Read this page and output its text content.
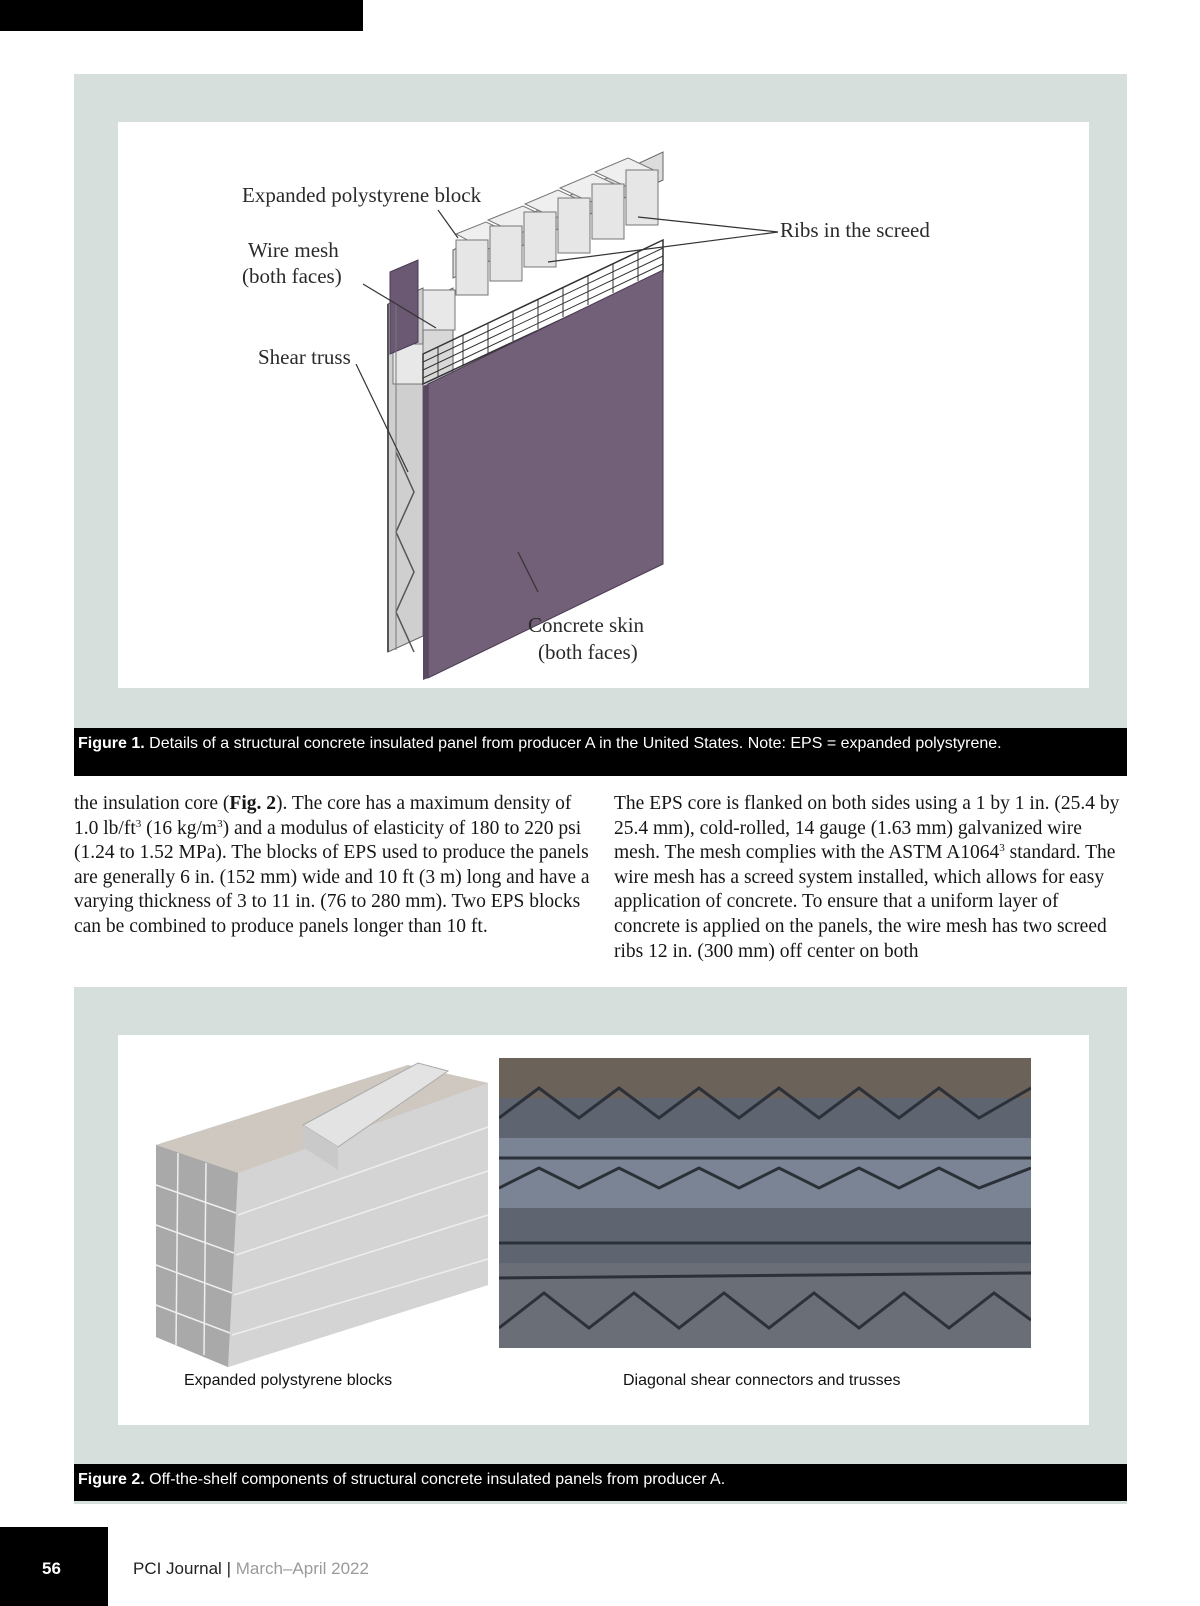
Expanded polystyrene block
Wire mesh
(both faces)
Shear truss
Ribs in the screed
Concrete skin
(both faces)
Figure 1. Details of a structural concrete insulated panel from producer A in the United States. Note: EPS = expanded polystyrene.

the insulation core (Fig. 2). The core has a maximum density of 1.0 $lb/ft^3$ (16 $kg/m^3$) and a modulus of elasticity of 180 to 220 psi (1.24 to 1.52 MPa). The blocks of EPS used to produce the panels are generally 6 in. (152 mm) wide and 10 ft (3 m) long and have a varying thickness of 3 to 11 in. (76 to 280 mm). Two EPS blocks can be combined to produce panels longer than 10 ft.

The EPS core is flanked on both sides using a 1 by 1 in. (25.4 by 25.4 mm), cold-rolled, 14 gauge (1.63 mm) galvanized wire mesh. The mesh complies with the ASTM A1064$^3$ standard. The wire mesh has a screed system installed, which allows for easy application of concrete. To ensure that a uniform layer of concrete is applied on the panels, the wire mesh has two screed ribs 12 in. (300 mm) off center on both

Expanded polystyrene blocks	Diagonal shear connectors and trusses
Figure 2. Off-the-shelf components of structural concrete insulated panels from producer A.
56	PCI Journal | March–April 2022
